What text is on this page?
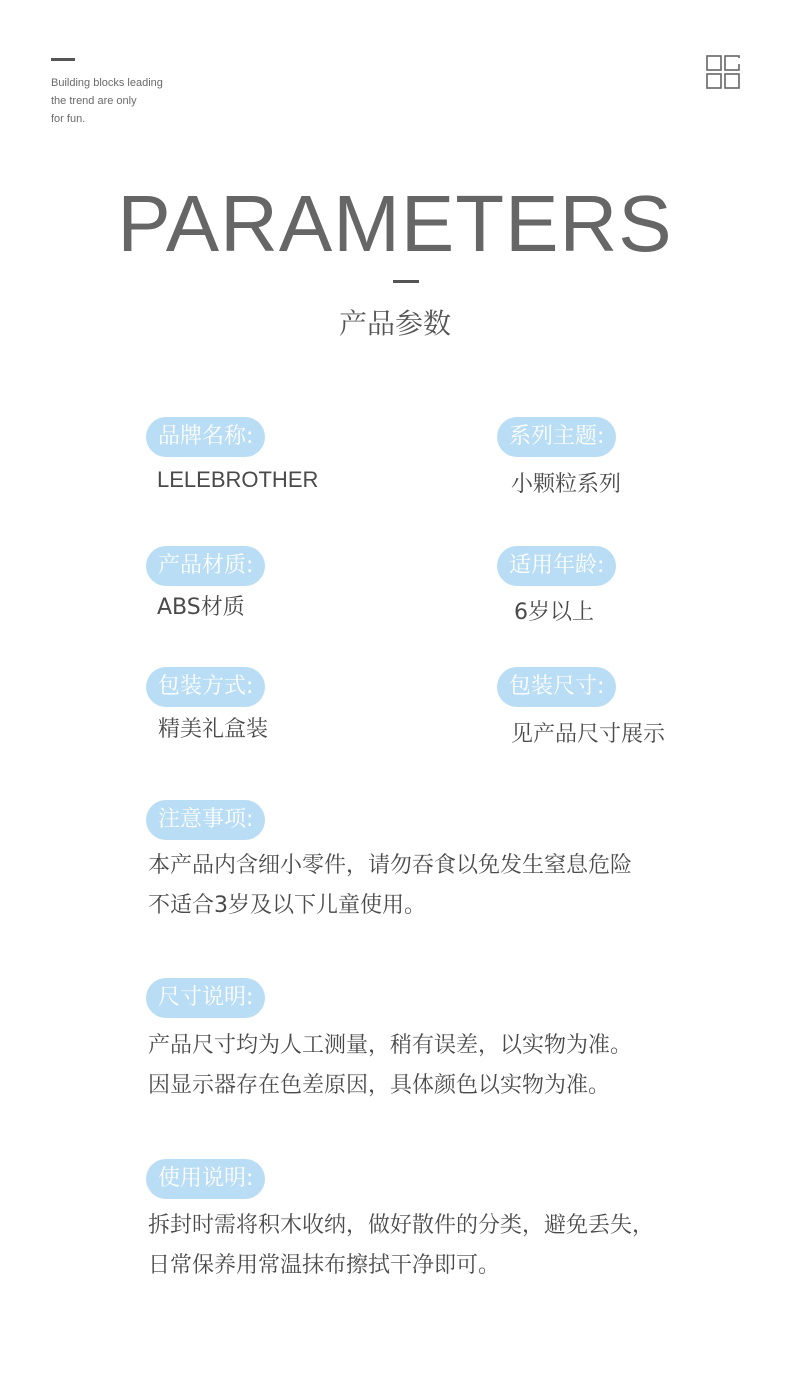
Building blocks leading
the trend are only
for fun.
PARAMETERS
产品参数
品牌名称:
LELEBROTHER
系列主题:
小颗粒系列
产品材质:
ABS材质
适用年龄:
6岁以上
包装方式:
精美礼盒装
包装尺寸:
见产品尺寸展示
注意事项:
本产品内含细小零件，请勿吞食以免发生窒息危险
不适合3岁及以下儿童使用。
尺寸说明:
产品尺寸均为人工测量，稍有误差，以实物为准。
因显示器存在色差原因，具体颜色以实物为准。
使用说明:
拆封时需将积木收纳，做好散件的分类，避免丢失，
日常保养用常温抹布擦拭干净即可。
